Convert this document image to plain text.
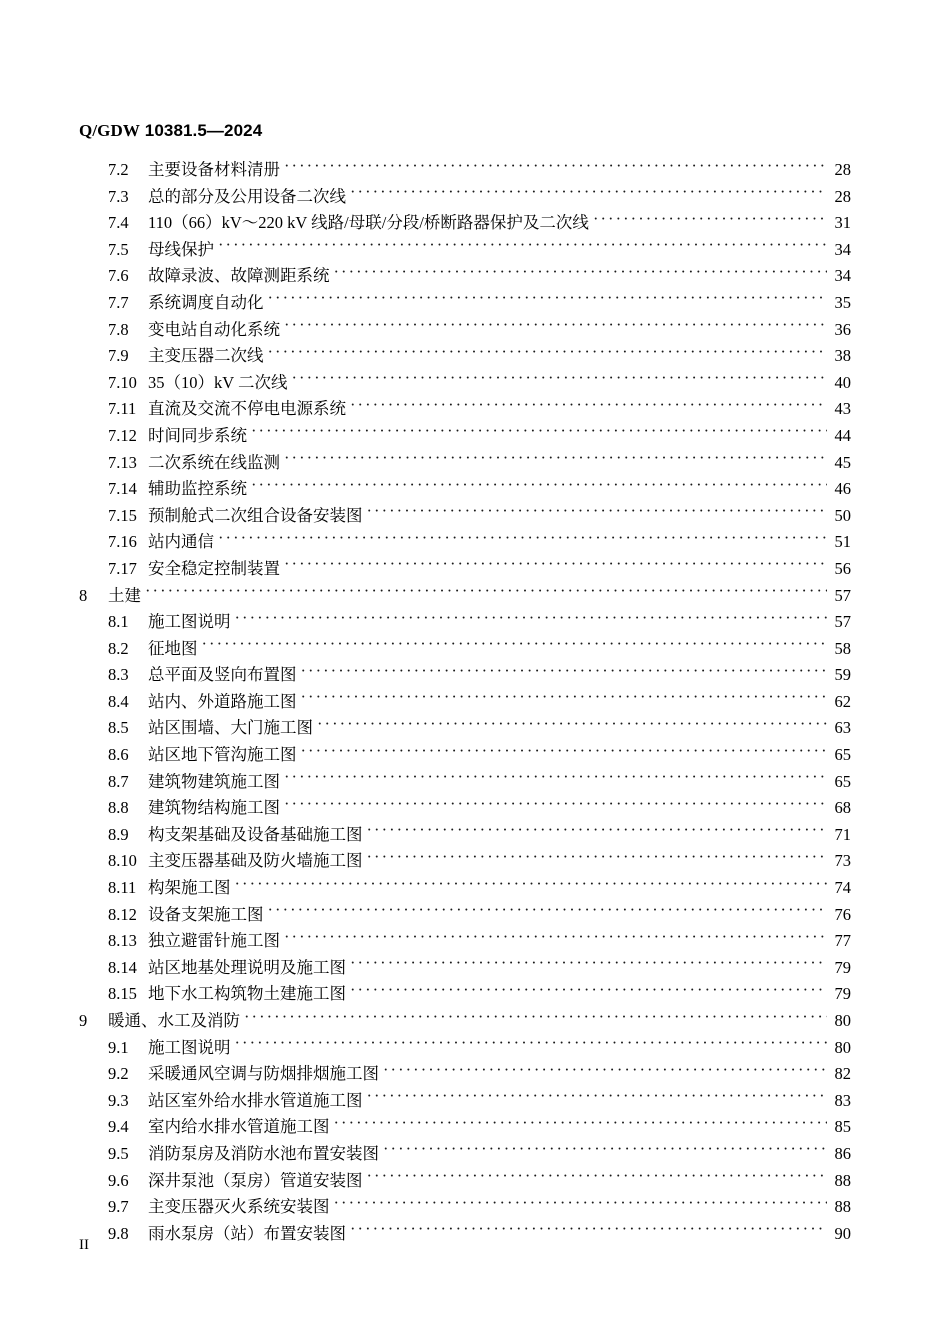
Q/GDW 10381.5—2024
7.2	主要设备材料清册 ·····	28
7.3	总的部分及公用设备二次线 ·····	28
7.4	110（66）kV～220 kV 线路/母联/分段/桥断路器保护及二次线 ·····	31
7.5	母线保护 ·····	34
7.6	故障录波、故障测距系统 ·····	34
7.7	系统调度自动化 ·····	35
7.8	变电站自动化系统 ·····	36
7.9	主变压器二次线 ·····	38
7.10 35（10）kV 二次线 ·····	40
7.11 直流及交流不停电电源系统 ·····	43
7.12 时间同步系统 ·····	44
7.13 二次系统在线监测 ·····	45
7.14 辅助监控系统 ·····	46
7.15 预制舱式二次组合设备安装图 ·····	50
7.16 站内通信 ·····	51
7.17 安全稳定控制装置 ·····	56
8	土建 ·····	57
8.1	施工图说明 ·····	57
8.2	征地图 ·····	58
8.3	总平面及竖向布置图 ·····	59
8.4	站内、外道路施工图 ·····	62
8.5	站区围墙、大门施工图 ·····	63
8.6	站区地下管沟施工图 ·····	65
8.7	建筑物建筑施工图 ·····	65
8.8	建筑物结构施工图 ·····	68
8.9	构支架基础及设备基础施工图 ·····	71
8.10 主变压器基础及防火墙施工图 ·····	73
8.11 构架施工图 ·····	74
8.12 设备支架施工图 ·····	76
8.13 独立避雷针施工图 ·····	77
8.14 站区地基处理说明及施工图 ·····	79
8.15 地下水工构筑物土建施工图 ·····	79
9	暖通、水工及消防 ·····	80
9.1	施工图说明 ·····	80
9.2	采暖通风空调与防烟排烟施工图 ·····	82
9.3	站区室外给水排水管道施工图 ·····	83
9.4	室内给水排水管道施工图 ·····	85
9.5	消防泵房及消防水池布置安装图 ·····	86
9.6	深井泵池（泵房）管道安装图 ·····	88
9.7	主变压器灭火系统安装图 ·····	88
9.8	雨水泵房（站）布置安装图 ·····	90
II
